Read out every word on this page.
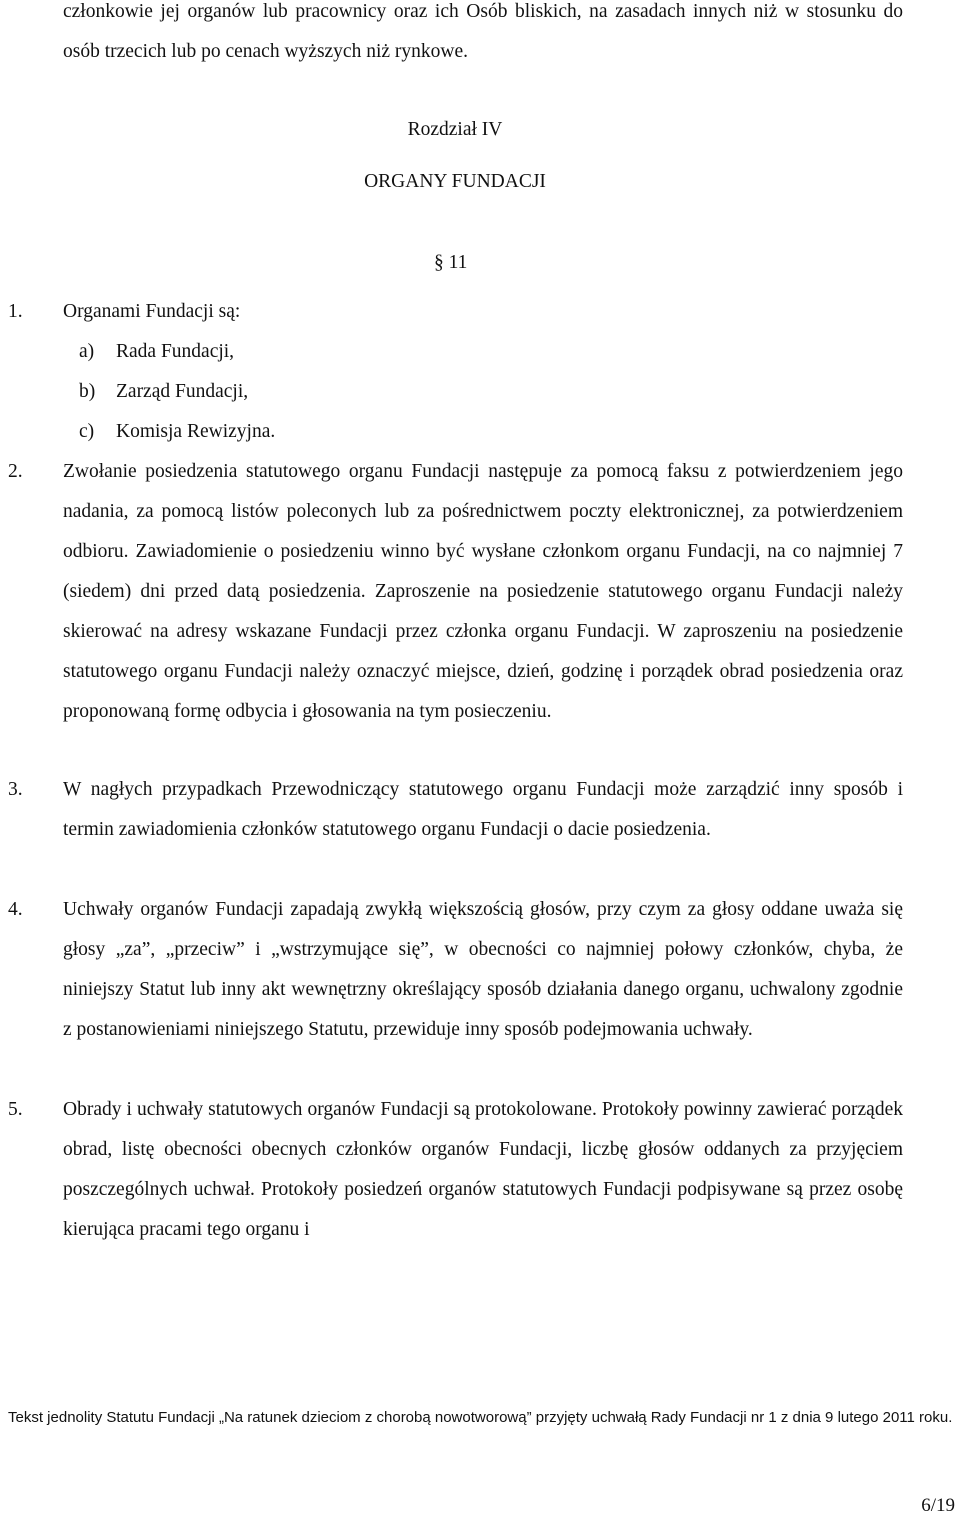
członkowie jej organów lub pracownicy oraz ich Osób bliskich, na zasadach innych niż w stosunku do osób trzecich lub po cenach wyższych niż rynkowe.

Rozdział IV
ORGANY FUNDACJI
§ 11
1. Organami Fundacji są:
a) Rada Fundacji,
b) Zarząd Fundacji,
c) Komisja Rewizyjna.
2. Zwołanie posiedzenia statutowego organu Fundacji następuje za pomocą faksu z potwierdzeniem jego nadania, za pomocą listów poleconych lub za pośrednictwem poczty elektronicznej, za potwierdzeniem odbioru. Zawiadomienie o posiedzeniu winno być wysłane członkom organu Fundacji, na co najmniej 7 (siedem) dni przed datą posiedzenia. Zaproszenie na posiedzenie statutowego organu Fundacji należy skierować na adresy wskazane Fundacji przez członka organu Fundacji. W zaproszeniu na posiedzenie statutowego organu Fundacji należy oznaczyć miejsce, dzień, godzinę i porządek obrad posiedzenia oraz proponowaną formę odbycia i głosowania na tym posieczeniu.

3. W nagłych przypadkach Przewodniczący statutowego organu Fundacji może zarządzić inny sposób i termin zawiadomienia członków statutowego organu Fundacji o dacie posiedzenia.

4. Uchwały organów Fundacji zapadają zwykłą większością głosów, przy czym za głosy oddane uważa się głosy „za”, „przeciw” i „wstrzymujące się”, w obecności co najmniej połowy członków, chyba, że niniejszy Statut lub inny akt wewnętrzny określający sposób działania danego organu, uchwalony zgodnie z postanowieniami niniejszego Statutu, przewiduje inny sposób podejmowania uchwały.

5. Obrady i uchwały statutowych organów Fundacji są protokolowane. Protokoły powinny zawierać porządek obrad, listę obecności obecnych członków organów Fundacji, liczbę głosów oddanych za przyjęciem poszczególnych uchwał. Protokoły posiedzeń organów statutowych Fundacji podpisywane są przez osobę kierująca pracami tego organu i

Tekst jednolity Statutu Fundacji „Na ratunek dzieciom z chorobą nowotworową” przyjęty uchwałą Rady Fundacji nr 1 z dnia 9 lutego 2011 roku.

6/19
